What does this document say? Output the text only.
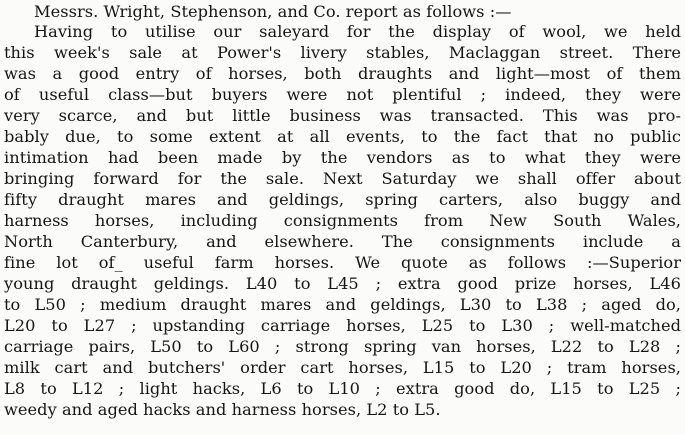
Messrs. Wright, Stephenson, and Co. report as follows :—
Having to utilise our saleyard for the display of wool, we held
this week's sale at Power's livery stables, Maclaggan street. There
was a good entry of horses, both draughts and light—most of them
of useful class—but buyers were not plentiful ; indeed, they were
very scarce, and but little business was transacted. This was pro-
bably due, to some extent at all events, to the fact that no public
intimation had been made by the vendors as to what they were
bringing forward for the sale. Next Saturday we shall offer about
fifty draught mares and geldings, spring carters, also buggy and
harness horses, including consignments from New South Wales,
North Canterbury, and elsewhere. The consignments include a
fine lot of_ useful farm horses. We quote as follows :—Superior
young draught geldings. L40 to L45 ; extra good prize horses, L46
to L50 ; medium draught mares and geldings, L30 to L38 ; aged do,
L20 to L27 ; upstanding carriage horses, L25 to L30 ; well-matched
carriage pairs, L50 to L60 ; strong spring van horses, L22 to L28 ;
milk cart and butchers' order cart horses, L15 to L20 ; tram horses,
L8 to L12 ; light hacks, L6 to L10 ; extra good do, L15 to L25 ;
weedy and aged hacks and harness horses, L2 to L5.
